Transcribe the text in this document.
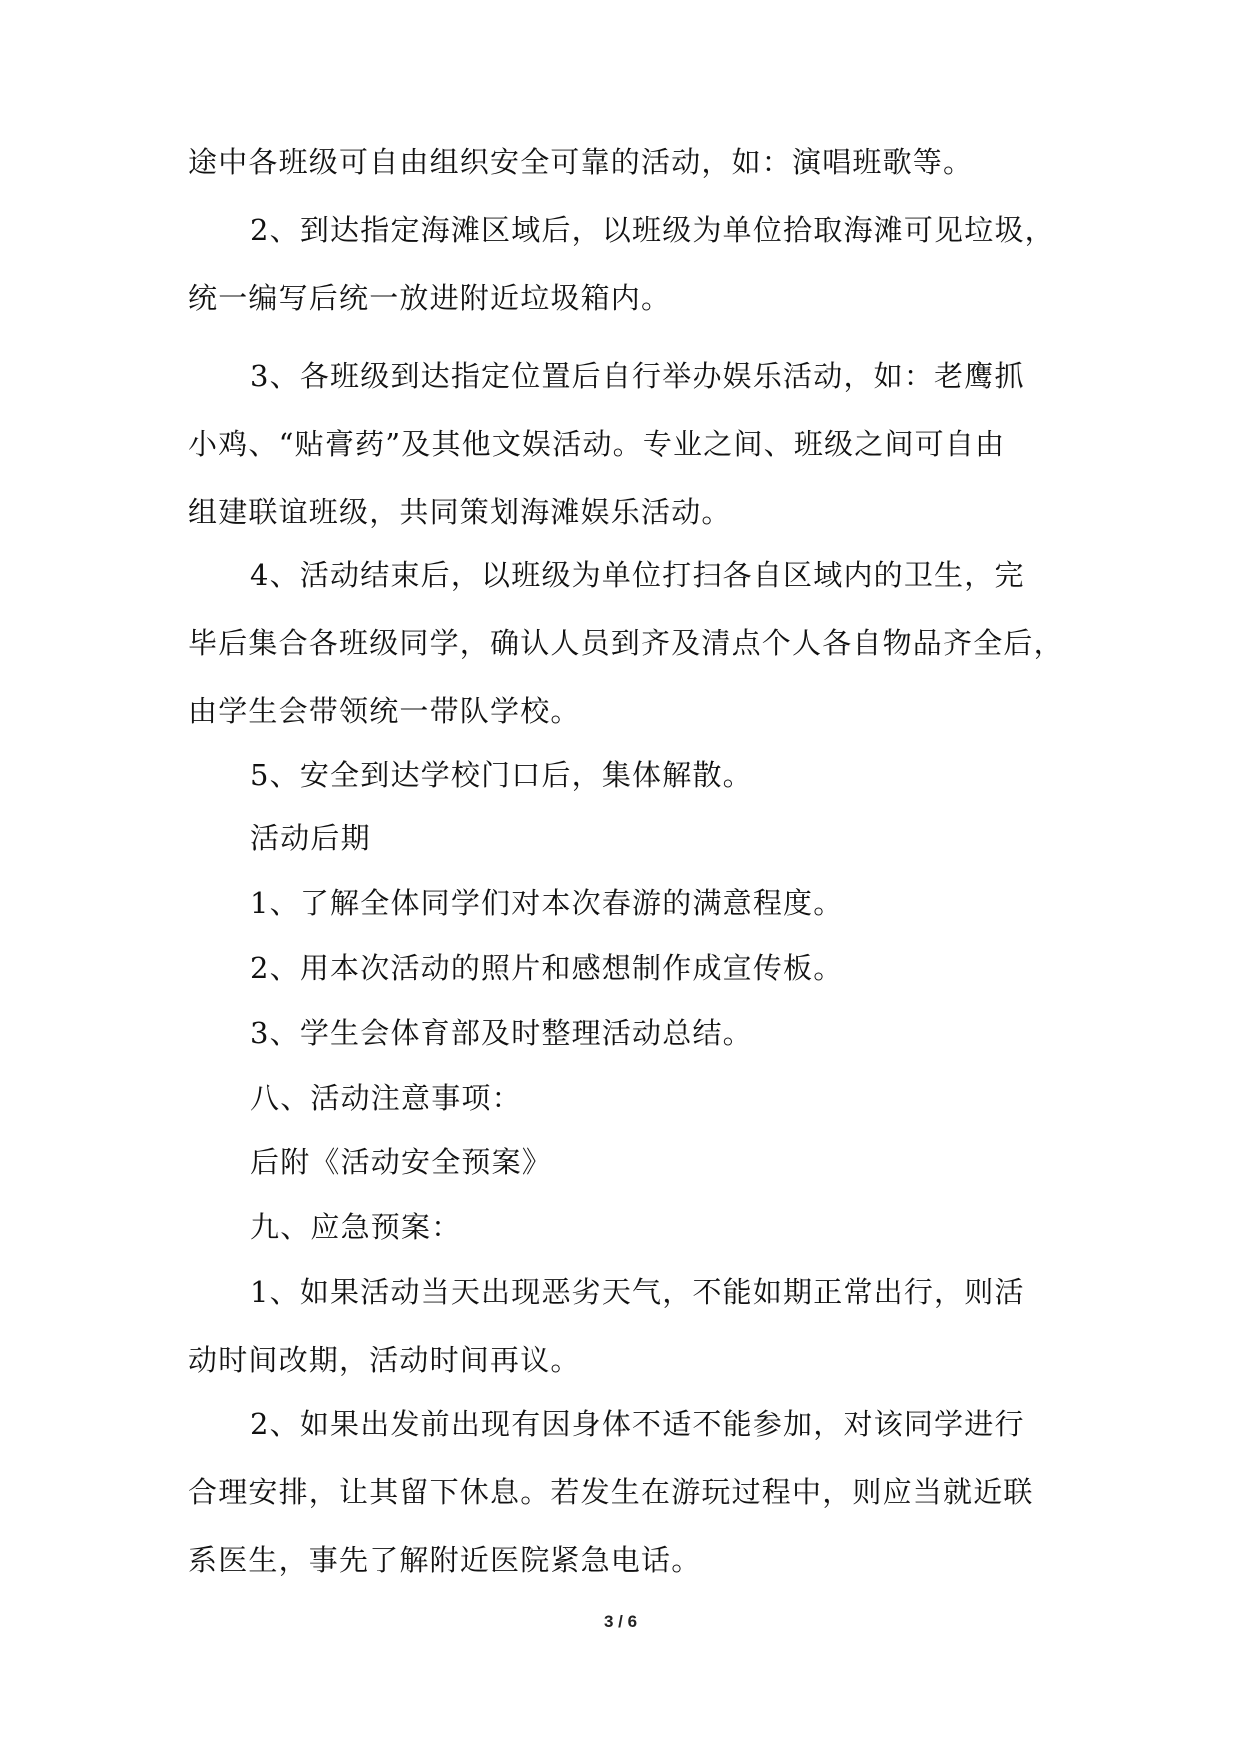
途中各班级可自由组织安全可靠的活动，如：演唱班歌等。
2、到达指定海滩区域后，以班级为单位拾取海滩可见垃圾，
统一编写后统一放进附近垃圾箱内。
3、各班级到达指定位置后自行举办娱乐活动，如：老鹰抓
小鸡、“贴膏药”及其他文娱活动。专业之间、班级之间可自由
组建联谊班级，共同策划海滩娱乐活动。
4、活动结束后，以班级为单位打扫各自区域内的卫生，完
毕后集合各班级同学，确认人员到齐及清点个人各自物品齐全后，
由学生会带领统一带队学校。
5、安全到达学校门口后，集体解散。
活动后期
1、了解全体同学们对本次春游的满意程度。
2、用本次活动的照片和感想制作成宣传板。
3、学生会体育部及时整理活动总结。
八、活动注意事项：
后附《活动安全预案》
九、应急预案：
1、如果活动当天出现恶劣天气，不能如期正常出行，则活
动时间改期，活动时间再议。
2、如果出发前出现有因身体不适不能参加，对该同学进行
合理安排，让其留下休息。若发生在游玩过程中，则应当就近联
系医生，事先了解附近医院紧急电话。
3 / 6
